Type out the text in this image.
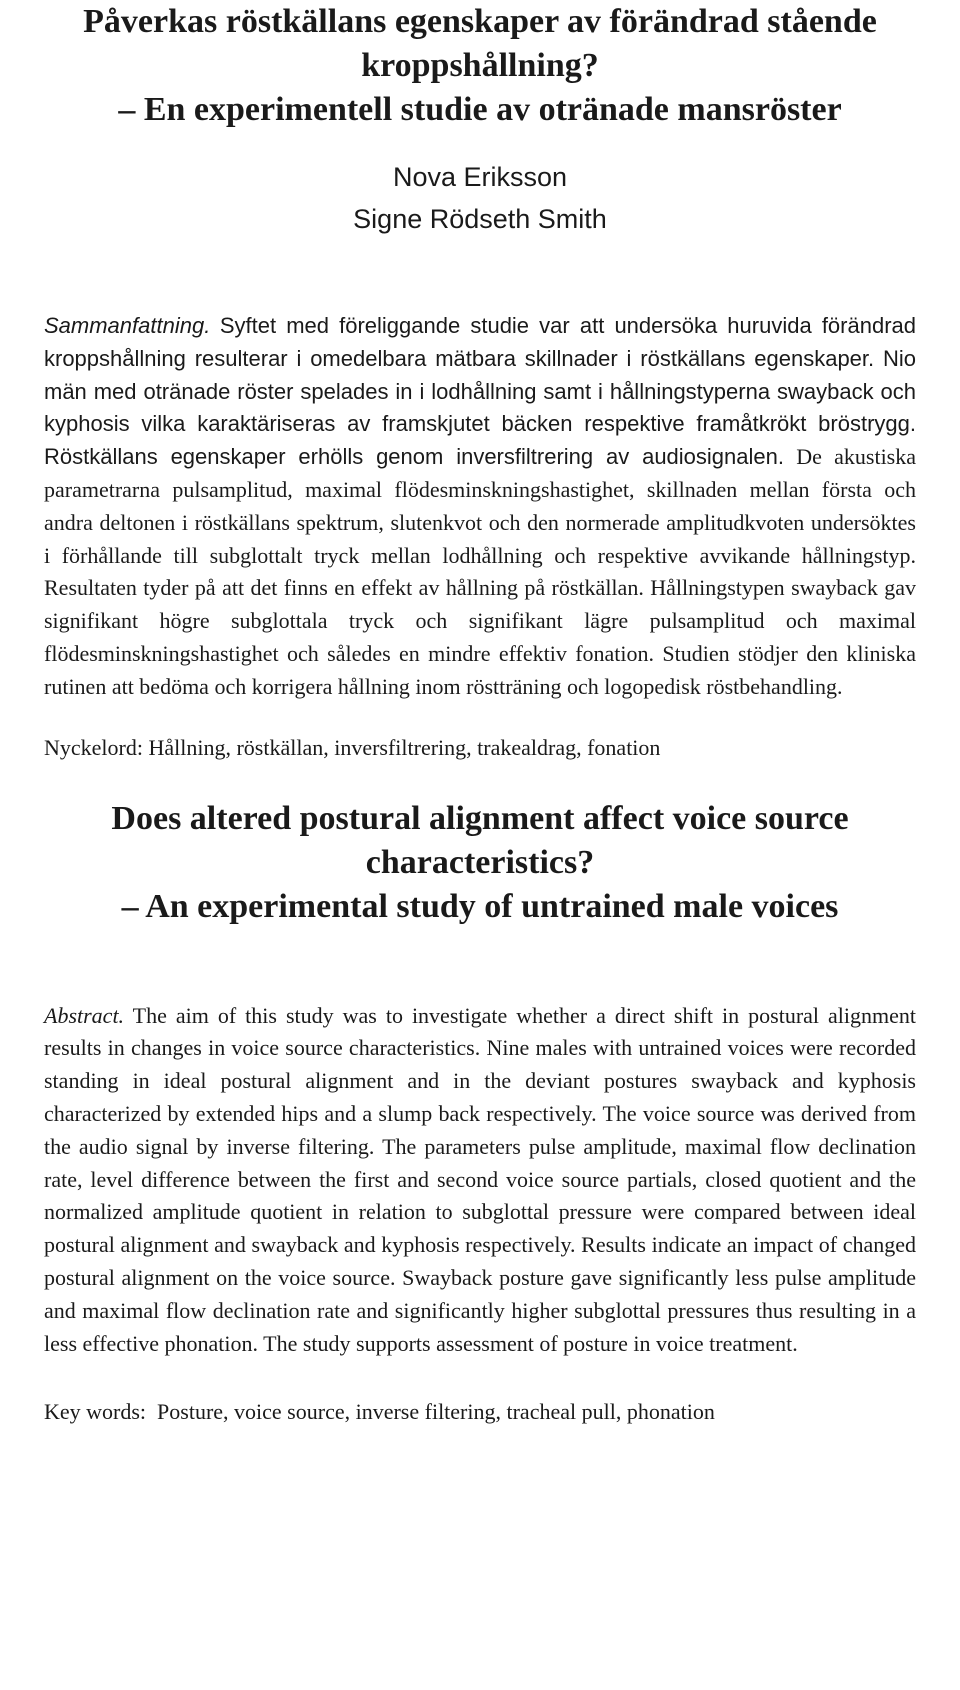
Påverkas röstkällans egenskaper av förändrad stående
kroppshållning?
– En experimentell studie av otränade mansröster
Nova Eriksson
Signe Rödseth Smith

Sammanfattning. Syftet med föreliggande studie var att undersöka huruvida förändrad kroppshållning resulterar i omedelbara mätbara skillnader i röstkällans egenskaper. Nio män med otränade röster spelades in i lodhållning samt i hållningstyperna swayback och kyphosis vilka karaktäriseras av framskjutet bäcken respektive framåtkrökt bröstrygg. Röstkällans egenskaper erhölls genom inversfiltrering av audiosignalen. De akustiska parametrarna pulsamplitud, maximal flödesminskningshastighet, skillnaden mellan första och andra deltonen i röstkällans spektrum, slutenkvot och den normerade amplitudkvoten undersöktes i förhållande till subglottalt tryck mellan lodhållning och respektive avvikande hållningstyp. Resultaten tyder på att det finns en effekt av hållning på röstkällan. Hållningstypen swayback gav signifikant högre subglottala tryck och signifikant lägre pulsamplitud och maximal flödesminskningshastighet och således en mindre effektiv fonation. Studien stödjer den kliniska rutinen att bedöma och korrigera hållning inom röstträning och logopedisk röstbehandling.

Nyckelord: Hållning, röstkällan, inversfiltrering, trakealdrag, fonation

Does altered postural alignment affect voice source
characteristics?
– An experimental study of untrained male voices

Abstract. The aim of this study was to investigate whether a direct shift in postural alignment results in changes in voice source characteristics. Nine males with untrained voices were recorded standing in ideal postural alignment and in the deviant postures swayback and kyphosis characterized by extended hips and a slump back respectively. The voice source was derived from the audio signal by inverse filtering. The parameters pulse amplitude, maximal flow declination rate, level difference between the first and second voice source partials, closed quotient and the normalized amplitude quotient in relation to subglottal pressure were compared between ideal postural alignment and swayback and kyphosis respectively. Results indicate an impact of changed postural alignment on the voice source. Swayback posture gave significantly less pulse amplitude and maximal flow declination rate and significantly higher subglottal pressures thus resulting in a less effective phonation. The study supports assessment of posture in voice treatment.

Key words:  Posture, voice source, inverse filtering, tracheal pull, phonation
